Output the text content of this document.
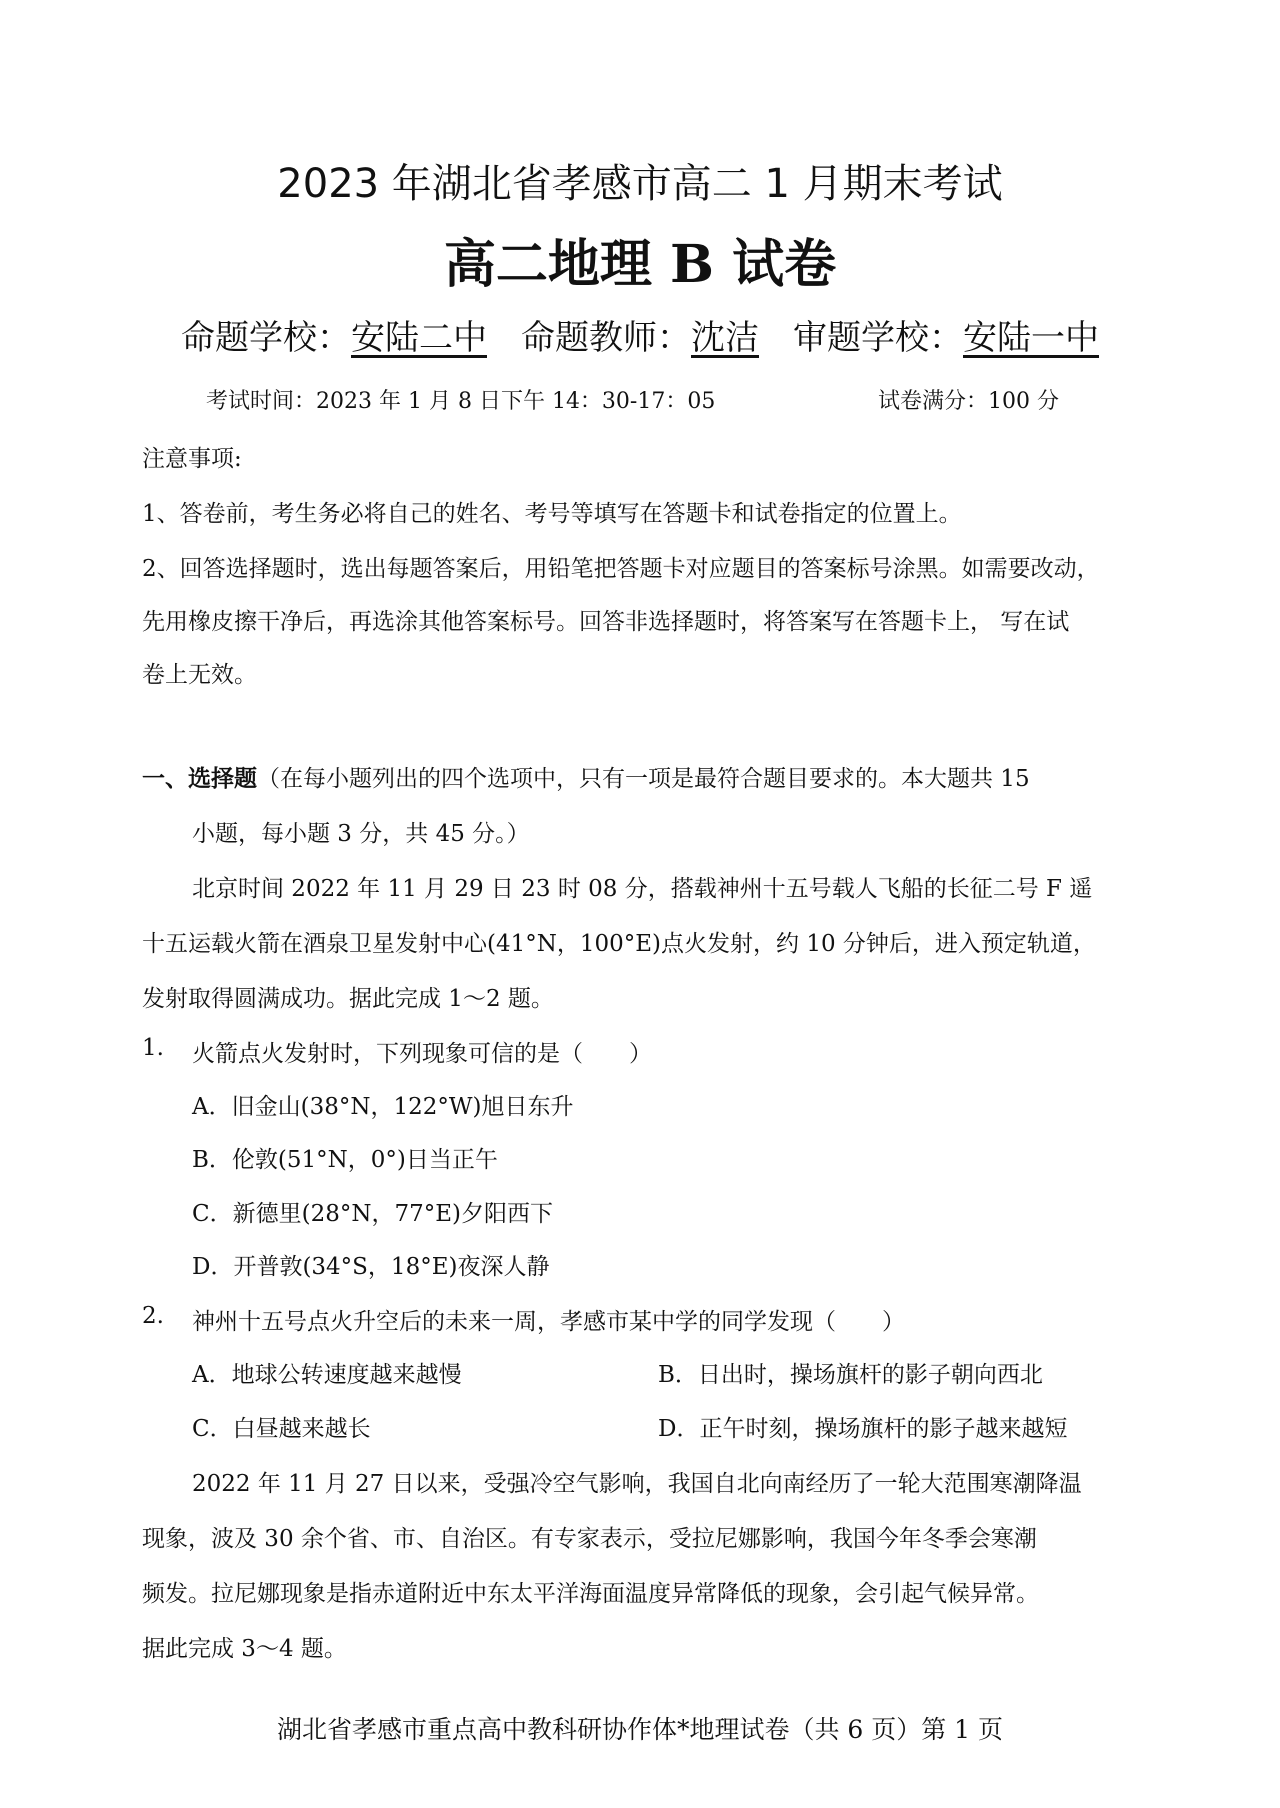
2023 年湖北省孝感市高二 1 月期末考试
高二地理 B 试卷
命题学校：安陆二中 命题教师：沈洁 审题学校：安陆一中
考试时间：2023 年 1 月 8 日下午 14：30-17：05	试卷满分：100 分
注意事项:
1、答卷前，考生务必将自己的姓名、考号等填写在答题卡和试卷指定的位置上。
2、回答选择题时，选出每题答案后，用铅笔把答题卡对应题目的答案标号涂黑。如需要改动，
先用橡皮擦干净后，再选涂其他答案标号。回答非选择题时，将答案写在答题卡上， 写在试
卷上无效。
一、选择题（在每小题列出的四个选项中，只有一项是最符合题目要求的。本大题共 15
小题，每小题 3 分，共 45 分。）
北京时间 2022 年 11 月 29 日 23 时 08 分，搭载神州十五号载人飞船的长征二号 F 遥
十五运载火箭在酒泉卫星发射中心(41°N，100°E)点火发射，约 10 分钟后，进入预定轨道，
发射取得圆满成功。据此完成 1～2 题。
1. 火箭点火发射时，下列现象可信的是（　　）
A．旧金山(38°N，122°W)旭日东升
B．伦敦(51°N，0°)日当正午
C．新德里(28°N，77°E)夕阳西下
D．开普敦(34°S，18°E)夜深人静
2. 神州十五号点火升空后的未来一周，孝感市某中学的同学发现（　　）
A．地球公转速度越来越慢	B．日出时，操场旗杆的影子朝向西北
C．白昼越来越长	D．正午时刻，操场旗杆的影子越来越短
2022 年 11 月 27 日以来，受强冷空气影响，我国自北向南经历了一轮大范围寒潮降温
现象，波及 30 余个省、市、自治区。有专家表示，受拉尼娜影响，我国今年冬季会寒潮
频发。拉尼娜现象是指赤道附近中东太平洋海面温度异常降低的现象，会引起气候异常。
据此完成 3～4 题。
湖北省孝感市重点高中教科研协作体*地理试卷（共 6 页）第 1 页
